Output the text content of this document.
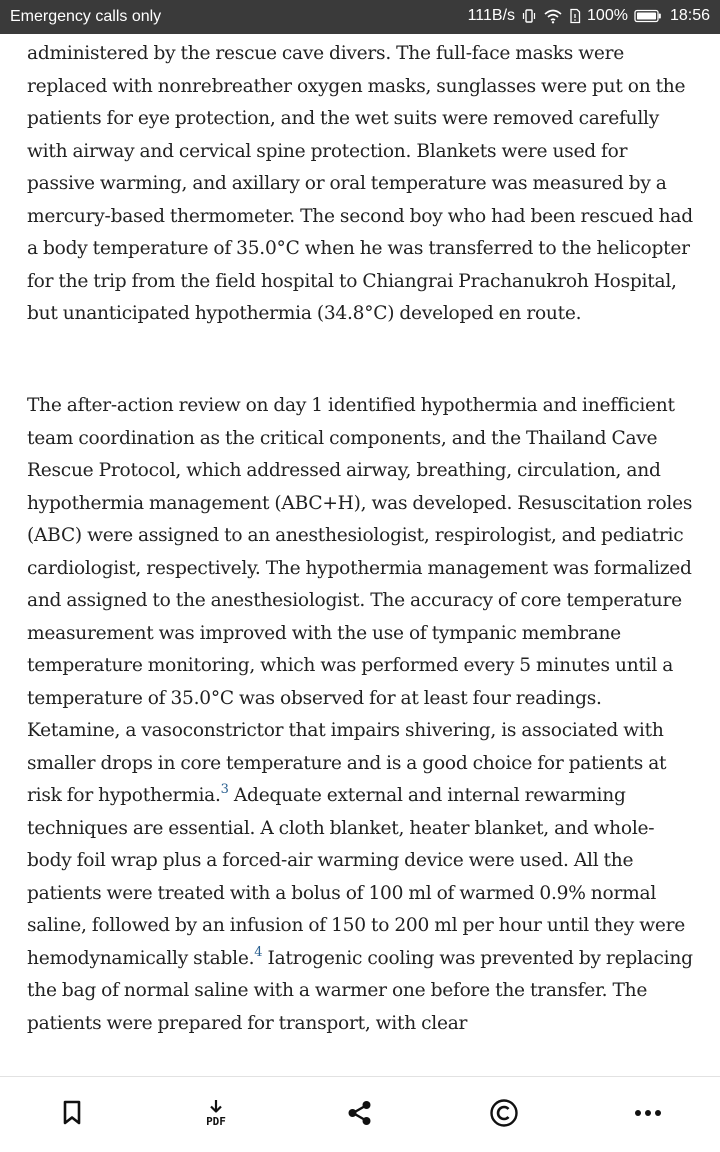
Emergency calls only	111B/s	100%	18:56

administered by the rescue cave divers. The full-face masks were replaced with nonrebreather oxygen masks, sunglasses were put on the patients for eye protection, and the wet suits were removed carefully with airway and cervical spine protection. Blankets were used for passive warming, and axillary or oral temperature was measured by a mercury-based thermometer. The second boy who had been rescued had a body temperature of 35.0°C when he was transferred to the helicopter for the trip from the field hospital to Chiangrai Prachanukroh Hospital, but unanticipated hypothermia (34.8°C) developed en route.

The after-action review on day 1 identified hypothermia and inefficient team coordination as the critical components, and the Thailand Cave Rescue Protocol, which addressed airway, breathing, circulation, and hypothermia management (ABC+H), was developed. Resuscitation roles (ABC) were assigned to an anesthesiologist, respirologist, and pediatric cardiologist, respectively. The hypothermia management was formalized and assigned to the anesthesiologist. The accuracy of core temperature measurement was improved with the use of tympanic membrane temperature monitoring, which was performed every 5 minutes until a temperature of 35.0°C was observed for at least four readings. Ketamine, a vasoconstrictor that impairs shivering, is associated with smaller drops in core temperature and is a good choice for patients at risk for hypothermia.$^3$ Adequate external and internal rewarming techniques are essential. A cloth blanket, heater blanket, and whole-body foil wrap plus a forced-air warming device were used. All the patients were treated with a bolus of 100 ml of warmed 0.9% normal saline, followed by an infusion of 150 to 200 ml per hour until they were hemodynamically stable.$^4$ Iatrogenic cooling was prevented by replacing the bag of normal saline with a warmer one before the transfer. The patients were prepared for transport, with clear

PDF
